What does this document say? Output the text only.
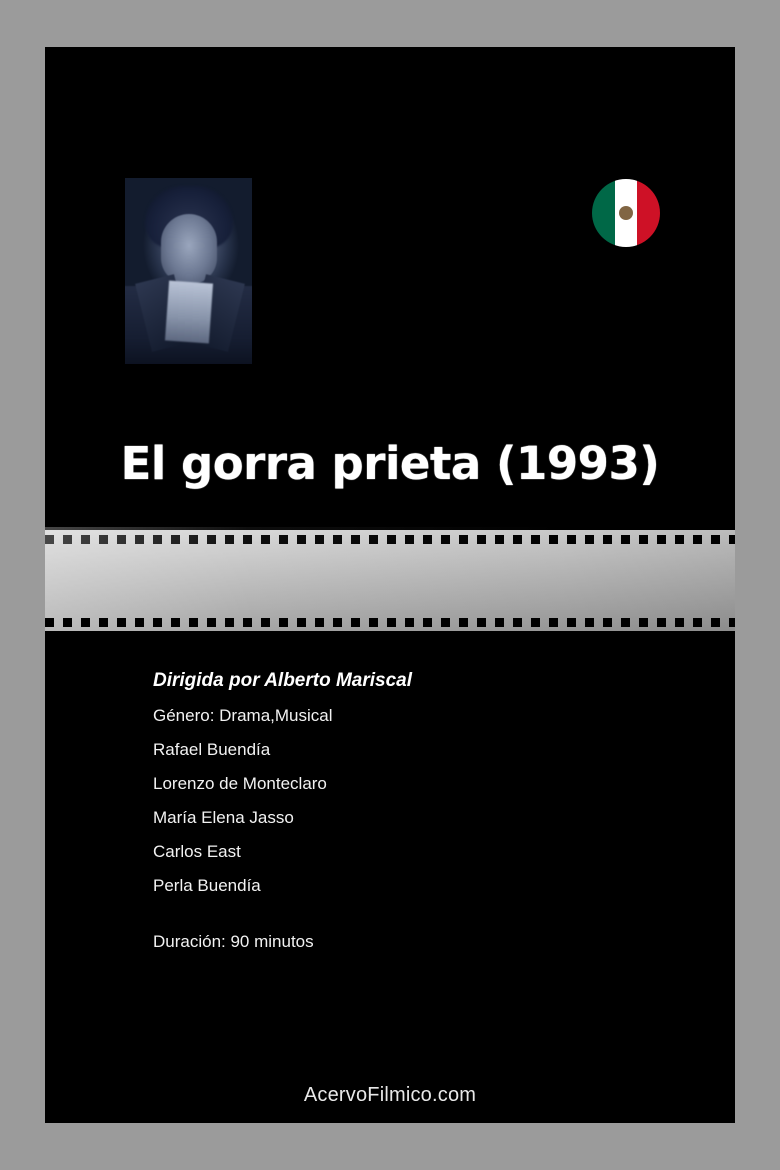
El gorra prieta (1993)
Dirigida por Alberto Mariscal
Género: Drama,Musical
Rafael Buendía
Lorenzo de Monteclaro
María Elena Jasso
Carlos East
Perla Buendía
Duración: 90 minutos
AcervoFilmico.com
